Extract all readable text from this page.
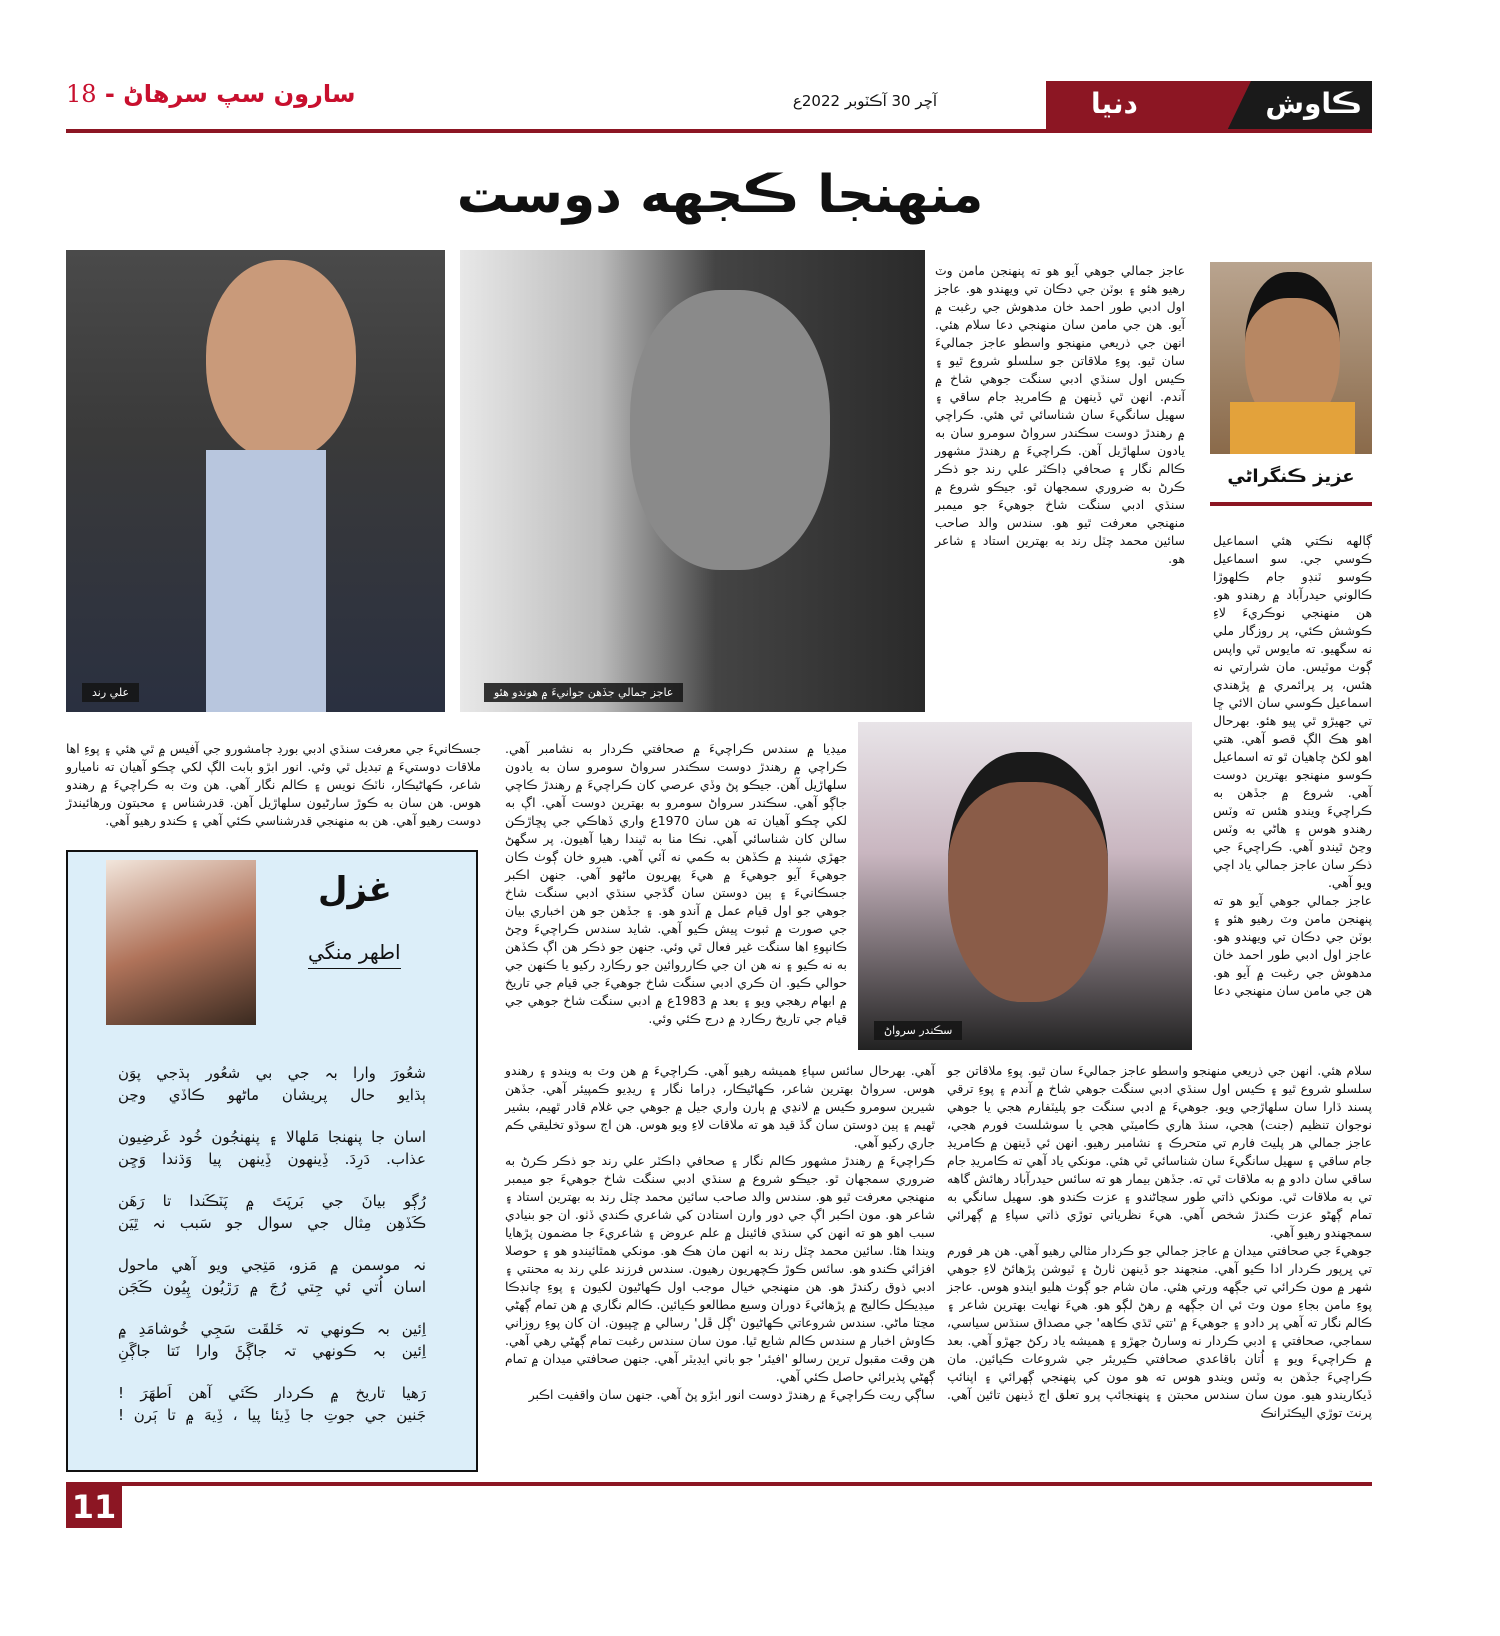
سارون سپ سرهاڻ - 18	آچر 30 آڪٽوبر 2022ع	دنيا	ڪاوش
منهنجا ڪجهه دوست
علي رند	عاجز جمالي جڏهن جوانيءَ ۾ هوندو هئو
عزيز ڪنگراڻي
سڪندر سرواڻ
عاجز جمالي جوهي آيو هو ته پنهنجن مامن وٽ رهيو هئو ۽ بوٽن جي دڪان تي ويهندو هو. عاجز اول ادبي طور احمد خان مدهوش جي رغبت ۾ آيو. هن جي مامن سان منهنجي دعا سلام هئي. انهن جي ذريعي منهنجو واسطو عاجز جماليءَ سان ٿيو. پوءِ ملاقاتن جو سلسلو شروع ٿيو ۽ ڪيس اول سنڌي ادبي سنگت جوهي شاخ ۾ آندم. انهن ٿي ڏينهن ۾ ڪامريڊ جام ساقي ۽ سهيل سانگيءَ سان شناسائي ٿي هئي. ڪراچي ۾ رهندڙ دوست سڪندر سرواڻ سومرو سان به يادون سلهاڙيل آهن. ڪراچيءَ ۾ رهندڙ مشهور ڪالم نگار ۽ صحافي ڊاڪٽر علي رند جو ذڪر ڪرڻ به ضروري سمجهان ٿو. جيڪو شروع ۾ سنڌي ادبي سنگت شاخ جوهيءَ جو ميمبر منهنجي معرفت ٿيو هو. سندس والد صاحب سائين محمد چٽل رند به بهترين استاد ۽ شاعر هو.
ڳالهه نڪتي هئي اسماعيل ڪوسي جي. سو اسماعيل ڪوسو ٽنڊو جام ڪلهوڙا ڪالوني حيدرآباد ۾ رهندو هو. هن منهنجي نوڪريءَ لاءِ ڪوشش ڪئي، پر روزگار ملي نه سگهيو. ته مايوس ٿي واپس ڳوٺ موٽيس. مان شرارتي نه هئس، پر پرائمري ۾ پڙهندي اسماعيل ڪوسي سان الائي ڇا تي جهيڙو ٿي پيو هئو. بهرحال اهو هڪ الڳ قصو آهي. هتي اهو لکڻ چاهيان ٿو ته اسماعيل ڪوسو منهنجو بهترين دوست آهي. شروع ۾ جڏهن به ڪراچيءَ ويندو هئس ته وٽس رهندو هوس ۽ هاڻي به وٽس وڃڻ ٿيندو آهي. ڪراچيءَ جي ذڪر سان عاجز جمالي ياد اچي ويو آهي.
عاجز جمالي جوهي آيو هو ته پنهنجن مامن وٽ رهيو هئو ۽ بوٽن جي دڪان تي ويهندو هو. عاجز اول ادبي طور احمد خان مدهوش جي رغبت ۾ آيو هو. هن جي مامن سان منهنجي دعا
جسڪانيءَ جي معرفت سنڌي ادبي بورڊ ڄامشورو جي آفيس ۾ ٿي هئي ۽ پوءِ اها ملاقات دوستيءَ ۾ تبديل ٿي وئي. انور ابڙو بابت الڳ لکي چڪو آهيان ته ناميارو شاعر، ڪهاڻيڪار، ناٽڪ نويس ۽ ڪالم نگار آهي. هن وٽ به ڪراچيءَ ۾ رهندو هوس. هن سان به ڪوڙ سارڻيون سلهاڙيل آهن. قدرشناس ۽ محبتون ورهائيندڙ دوست رهيو آهي. هن به منهنجي قدرشناسي ڪئي آهي ۽ ڪندو رهيو آهي.
ميڊيا ۾ سندس ڪراچيءَ ۾ صحافتي ڪردار به نشامبر آهي. ڪراچي ۾ رهندڙ دوست سڪندر سرواڻ سومرو سان به يادون سلهاڙيل آهن. جيڪو پڻ وڏي عرصي کان ڪراچيءَ ۾ رهندڙ ڪاچي جاڳو آهي. سڪندر سرواڻ سومرو به بهترين دوست آهي. اڳ به لکي چڪو آهيان ته هن سان 1970ع واري ڏهاڪي جي پڇاڙڪن سالن کان شناسائي آهي. نڪا منا به ٿيندا رهيا آهيون. پر سگهڻ جهڙي شينڊ ۾ ڪڏهن به ڪمي نه آئي آهي. هيرو خان ڳوٺ ڪان جوهيءَ آيو جوهيءَ ۾ هيءَ پهريون ماڻهو آهي. جنهن اڪبر جسڪانيءَ ۽ ٻين دوستن سان گڏجي سنڌي ادبي سنگت شاخ جوهي جو اول قيام عمل ۾ آندو هو. ۽ جڏهن جو هن اخباري بيان جي صورت ۾ ثبوت پيش ڪيو آهي. شايد سندس ڪراچيءَ وڃڻ ڪانپوءِ اها سنگت غير فعال ٿي وئي. جنهن جو ذڪر هن اڳ ڪڏهن به نه ڪيو ۽ نه هن ان جي ڪارروائين جو رڪارڊ رکيو يا ڪنهن جي حوالي ڪيو. ان ڪري ادبي سنگت شاخ جوهيءَ جي قيام جي تاريخ ۾ ابهام رهجي ويو ۽ بعد ۾ 1983ع ۾ ادبي سنگت شاخ جوهي جي قيام جي تاريخ رڪارڊ ۾ درج ڪئي وئي.
آهي. بهرحال سائس سپاءِ هميشه رهيو آهي. ڪراچيءَ ۾ هن وٽ به ويندو ۽ رهندو هوس. سرواڻ بهترين شاعر، ڪهاڻيڪار، ڊراما نگار ۽ ريڊيو ڪمپيئر آهي. جڏهن شيرين سومرو ڪيس ۾ لانڍي ۾ ٻارن واري جيل ۾ جوهي جي غلام قادر ٿهيم، بشير ٿهيم ۽ ٻين دوستن سان گڏ قيد هو ته ملاقات لاءِ ويو هوس. هن اڄ سوڌو تخليقي ڪم جاري رکيو آهي.
ڪراچيءَ ۾ رهندڙ مشهور ڪالم نگار ۽ صحافي ڊاڪٽر علي رند جو ذڪر ڪرڻ به ضروري سمجهان ٿو. جيڪو شروع ۾ سنڌي ادبي سنگت شاخ جوهيءَ جو ميمبر منهنجي معرفت ٿيو هو. سندس والد صاحب سائين محمد چٽل رند به بهترين استاد ۽ شاعر هو. مون اڪبر اڳ جي دور وارن استادن کي شاعري ڪندي ڏٺو. ان جو بنيادي سبب اهو هو ته انهن کي سنڌي فائينل ۾ علم عروض ۽ شاعريءَ جا مضمون پڙهايا ويندا هئا. سائين محمد چٽل رند به انهن مان هڪ هو. مونکي همٿائيندو هو ۽ حوصلا افزائي ڪندو هو. سائس ڪوڙ ڪچهريون رهيون. سندس فرزند علي رند به محنتي ۽ ادبي ذوق رکندڙ هو. هن منهنجي خيال موجب اول ڪهاڻيون لکيون ۽ پوءِ چانڊڪا ميڊيڪل ڪاليج ۾ پڙهائيءَ دوران وسيع مطالعو ڪيائين. ڪالم نگاري ۾ هن تمام ڳهڻي مڃتا ماڻي. سندس شروعاتي ڪهاڻيون 'ڳل ڦل' رسالي ۾ ڇپيون. ان کان پوءِ روزاني ڪاوش اخبار ۾ سندس ڪالم شايع ٿيا. مون سان سندس رغبت تمام ڳهڻي رهي آهي. هن وقت مقبول ترين رسالو 'افيئر' جو باني ايڊيٽر آهي. جنهن صحافتي ميدان ۾ تمام ڳهڻي پذيرائي حاصل ڪئي آهي.
ساڳي ريت ڪراچيءَ ۾ رهندڙ دوست انور ابڙو پڻ آهي. جنهن سان واقفيت اڪبر
سلام هئي. انهن جي ذريعي منهنجو واسطو عاجز جماليءَ سان ٿيو. پوءِ ملاقاتن جو سلسلو شروع ٿيو ۽ ڪيس اول سنڌي ادبي سنگت جوهي شاخ ۾ آندم ۽ پوءِ ترقي پسند ڌارا سان سلهاڙجي ويو. جوهيءَ ۾ ادبي سنگت جو پليٽفارم هجي يا جوهي نوجوان تنظيم (جنت) هجي، سنڌ هاري ڪاميٽي هجي يا سوشلسٽ فورم هجي، عاجز جمالي هر پليٽ فارم تي متحرڪ ۽ نشامبر رهيو. انهن ئي ڏينهن ۾ ڪامريڊ جام ساقي ۽ سهيل سانگيءَ سان شناسائي ٿي هئي. مونکي ياد آهي ته ڪامريڊ جام ساقي سان دادو ۾ به ملاقات ٿي ته. جڏهن بيمار هو ته سائس حيدرآباد رهائش گاهه تي به ملاقات ٿي. مونکي ذاتي طور سڃاڻندو ۽ عزت ڪندو هو. سهيل سانگي به تمام ڳهڻو عزت ڪندڙ شخص آهي. هيءَ نظرياتي توڙي ذاتي سپاءِ ۾ ڳهرائي سمجهندو رهيو آهي.
جوهيءَ جي صحافتي ميدان ۾ عاجز جمالي جو ڪردار مثالي رهيو آهي. هن هر فورم تي ڀرپور ڪردار ادا ڪيو آهي. منجهند جو ڏينهن ٺارڻ ۽ ٽيوشن پڙهائڻ لاءِ جوهي شهر ۾ مون ڪرائي تي جڳهه ورتي هئي. مان شام جو ڳوٺ هليو ايندو هوس. عاجز پوءِ مامن بجاءِ مون وٽ ئي ان جڳهه ۾ رهڻ لڳو هو. هيءَ نهايت بهترين شاعر ۽ ڪالم نگار ته آهي پر دادو ۽ جوهيءَ ۾ 'تتي ٿڌي ڪاهه' جي مصداق سنڌس سياسي، سماجي، صحافتي ۽ ادبي ڪردار نه وسارڻ جهڙو ۽ هميشه ياد رکڻ جهڙو آهي. بعد ۾ ڪراچيءَ ويو ۽ اُتان باقاعدي صحافتي ڪيريئر جي شروعات ڪيائين. مان ڪراچيءَ جڏهن به وٽس ويندو هوس ته هو مون کي پنهنجي ڳهرائي ۽ اپنائپ ڏيکاريندو هيو. مون سان سندس محبتن ۽ پنهنجائپ پرو تعلق اڄ ڏينهن تائين آهي. پرنٽ توڙي اليڪٽرانڪ
غزل
اطهر منگي
شعُورَ وارا بہ جي بي شعُور ٻڌجي پوَن
ٻڌايو حال پريشان ماڻهو ڪاڏي وڃن
اسان جا پنهنجا مَلهالا ۽ پنهنجُون خُود غَرضِيون
عذاب. دَرِدَ. ڏِينهون ڏِينهن پيا وَڌندا وَڃِن
رُڳو بيانَ جي بَرپَتَ ۾ پَٽڪَندا تا رَهَن
ڪَڏهِن مِثال جي سوال جو سَبب نہ ٿِيَن
نہ موسمن ۾ مَزو، مَتِجي ويو آهي ماحول
اسان اُتي ئي جِتي رُجَ ۾ رَڙيُون پِيُون ڪَجَن
اِئين بہ ڪونهي تہ خَلقَت سَجِي خُوشامَدِ ۾
اِئين بہ ڪونهي تہ جاڳَڻَ وارا نَتا جاڳَنِ
رَهيا تاريخ ۾ ڪردار ڪَئي آهن اَطهَرَ !
جَنين جي جوتِ جا ڏِيئا پيا ، ڏِيهَ ۾ تا ٻَرن !
11
